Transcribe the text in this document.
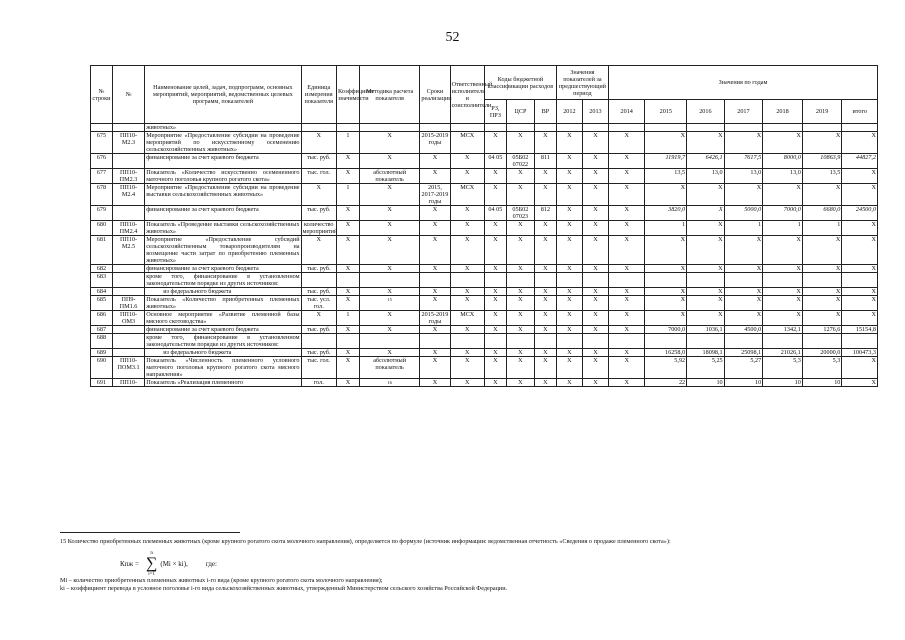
52
№ строки	№	Наименование целей, задач, подпрограмм, основных мероприятий, мероприятий, ведомственных целевых программ, показателей	Единица измерения показателя	Коэффициент значимости	Методика расчета показателя	Сроки реализации	Ответственный исполнитель и соисполнители	Коды бюджетной классификации расходов			Значения показателей за предшествующий период		Значения по годам						
								РЗ, ПРЗ	ЦСР	ВР	2012	2013	2014	2015	2016	2017	2018	2019	итого
		животных»																	
675	ПП10-М2.3	Мероприятие «Предоставление субсидии на проведение мероприятий по искусственному осеменению сельскохозяйственных животных»	Х	1	Х	2015-2019 годы	МСХ	Х	Х	Х	Х	Х	Х	Х	Х	Х	Х	Х	Х
676		финансирование за счет краевого бюджета	тыс. руб.	Х	Х	Х	Х	04 05	05Б02 07022	811	Х	Х	Х	11919,7	6426,1	7617,5	8000,0	10863,9	44827,2
677	ПП10-ПМ2.3	Показатель «Количество искусственно осемененного маточного поголовья крупного рогатого скота»	тыс. гол.	Х	абсолютный показатель	Х	Х	Х	Х	Х	Х	Х	Х	13,5	13,0	13,0	13,0	13,5	Х
678	ПП10-М2.4	Мероприятие «Предоставление субсидии на проведение выставки сельскохозяйственных животных»	Х	1	Х	2015, 2017-2019 годы	МСХ	Х	Х	Х	Х	Х	Х	Х	Х	Х	Х	Х	Х
679		финансирование за счет краевого бюджета	тыс. руб.	Х	Х	Х	Х	04 05	05Б02 07023	812	Х	Х	Х	3820,0	Х	5000,0	7000,0	6680,0	24500,0
680	ПП10-ПМ2.4	Показатель «Проведение выставки сельскохозяйственных животных»	количество мероприятий	Х	Х	Х	Х	Х	Х	Х	Х	Х	Х	1	Х	1	1	1	Х
681	ПП10-М2.5	Мероприятие «Предоставление субсидий сельскохозяйственным товаропроизводителям на возмещение части затрат по приобретению племенных животных»	Х	Х	Х	Х	Х	Х	Х	Х	Х	Х	Х	Х	Х	Х	Х	Х	Х
682		финансирование за счет краевого бюджета	тыс. руб.	Х	Х	Х	Х	Х	Х	Х	Х	Х	Х	Х	Х	Х	Х	Х	Х
683		кроме того, финансирование в установленном законодательством порядке из других источников:																	
684		из федерального бюджета	тыс. руб.	Х	Х	Х	Х	Х	Х	Х	Х	Х	Х	Х	Х	Х	Х	Х	Х
685	ПП9-ПМ1.6	Показатель «Количество приобретенных племенных животных»	тыс. усл. гол.	Х	15	Х	Х	Х	Х	Х	Х	Х	Х	Х	Х	Х	Х	Х	Х
686	ПП10-ОМ3	Основное мероприятие «Развитие племенной базы мясного скотоводства»	Х	1	Х	2015-2019 годы	МСХ	Х	Х	Х	Х	Х	Х	Х	Х	Х	Х	Х	Х
687		финансирование за счет краевого бюджета	тыс. руб.	Х	Х	Х	Х	Х	Х	Х	Х	Х	Х	7000,0	1036,1	4500,0	1342,1	1276,6	15154,8
688		кроме того, финансирование в установленном законодательством порядке из других источников:																	
689		из федерального бюджета	тыс. руб.	Х	Х	Х	Х	Х	Х	Х	Х	Х	Х	16258,0	18098,1	25098,1	21026,1	20000,0	100473,3
690	ПП10-ПОМ3.1	Показатель «Численность племенного условного маточного поголовья крупного рогатого скота мясного направления»	тыс. гол.	Х	абсолютный показатель	Х	Х	Х	Х	Х	Х	Х	Х	5,92	5,25	5,27	5,3	5,3	Х
691	ПП10-	Показатель «Реализация племенного	гол.	Х	16	Х	Х	Х	Х	Х	Х	Х	Х	22	10	10	10	10	Х
15 Количество приобретенных племенных животных (кроме крупного рогатого скота молочного направления), определяется по формуле (источник информации: ведомственная отчетность «Сведения о продаже племенного скота»):
Кпж =
n
∑
i=1
(Mi × ki),	где:
Mi – количество приобретенных племенных животных i-го вида (кроме крупного рогатого скота молочного направления);
ki – коэффициент перевода в условное поголовье i-го вида сельскохозяйственных животных, утвержденный Министерством сельского хозяйства Российской Федерации.
